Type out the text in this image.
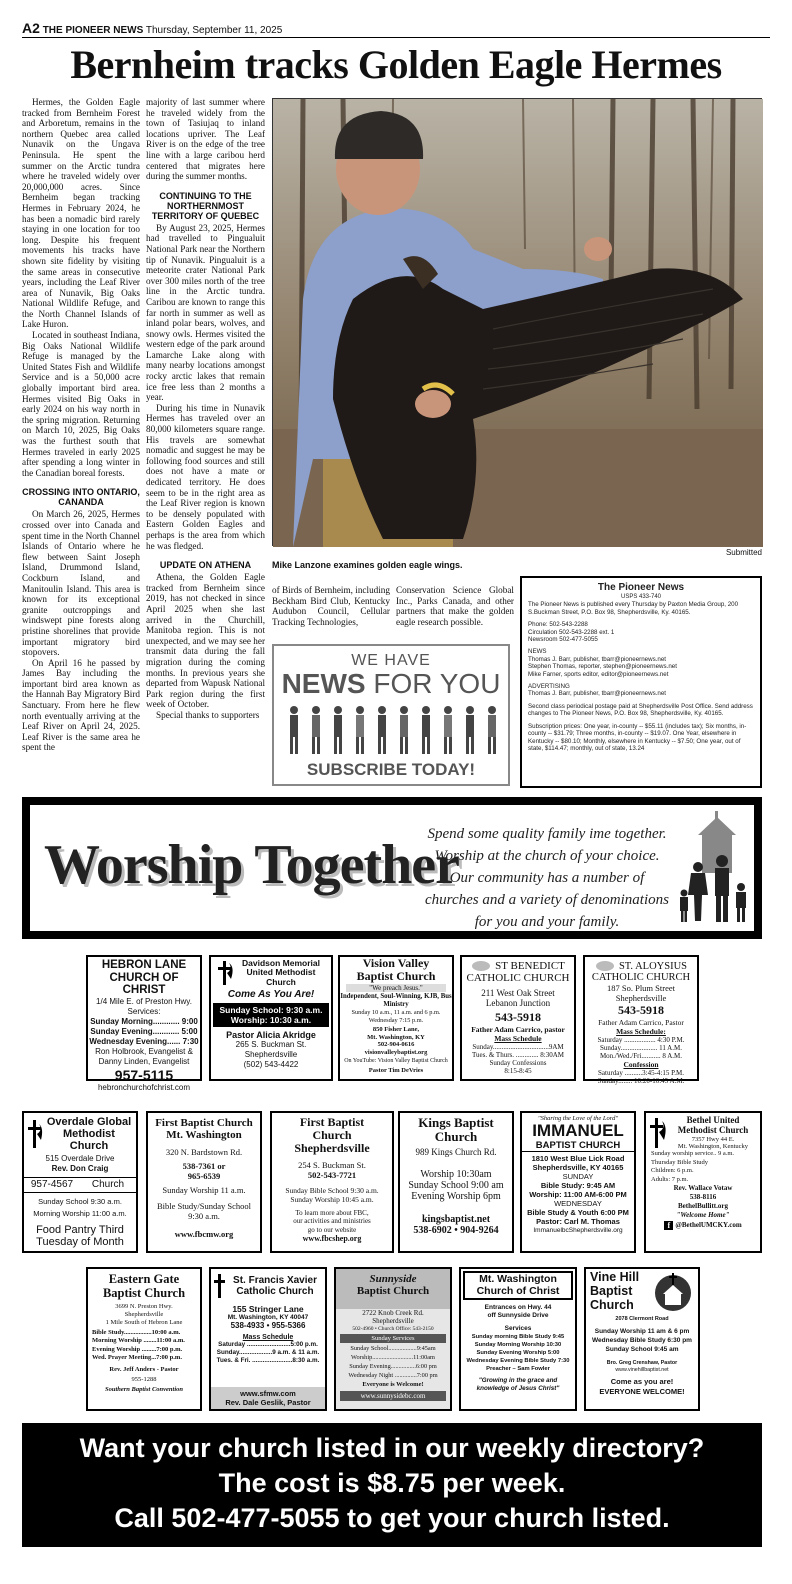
A2 THE PIONEER NEWS Thursday, September 11, 2025
Bernheim tracks Golden Eagle Hermes

Hermes, the Golden Eagle tracked from Bernheim Forest and Arboretum, remains in the northern Quebec area called Nunavik on the Ungava Peninsula. He spent the summer on the Arctic tundra where he traveled widely over 20,000,000 acres. Since Bernheim began tracking Hermes in February 2024, he has been a nomadic bird rarely staying in one location for too long. Despite his frequent movements his tracks have shown site fidelity by visiting the same areas in consecutive years, including the Leaf River area of Nunavik, Big Oaks National Wildlife Refuge, and the North Channel Islands of Lake Huron.

Located in southeast Indiana, Big Oaks National Wildlife Refuge is managed by the United States Fish and Wildlife Service and is a 50,000 acre globally important bird area. Hermes visited Big Oaks in early 2024 on his way north in the spring migration. Returning on March 10, 2025, Big Oaks was the furthest south that Hermes traveled in early 2025 after spending a long winter in the Canadian boreal forests.

CROSSING INTO ONTARIO, CANANDA

On March 26, 2025, Hermes crossed over into Canada and spent time in the North Channel Islands of Ontario where he flew between Saint Joseph Island, Drummond Island, Cockburn Island, and Manitoulin Island. This area is known for its exceptional granite outcroppings and windswept pine forests along pristine shorelines that provide important migratory bird stopovers.

On April 16 he passed by James Bay including the important bird area known as the Hannah Bay Migratory Bird Sanctuary. From here he flew north eventually arriving at the Leaf River on April 24, 2025. Leaf River is the same area he spent the

majority of last summer where he traveled widely from the town of Tasiujaq to inland locations upriver. The Leaf River is on the edge of the tree line with a large caribou herd centered that migrates here during the summer months.

CONTINUING TO THE NORTHERNMOST TERRITORY OF QUEBEC

By August 23, 2025, Hermes had travelled to Pingualuit National Park near the Northern tip of Nunavik. Pingualuit is a meteorite crater National Park over 300 miles north of the tree line in the Arctic tundra. Caribou are known to range this far north in summer as well as inland polar bears, wolves, and snowy owls. Hermes visited the western edge of the park around Lamarche Lake along with many nearby locations amongst rocky arctic lakes that remain ice free less than 2 months a year.

During his time in Nunavik Hermes has traveled over an 80,000 kilometers square range. His travels are somewhat nomadic and suggest he may be following food sources and still does not have a mate or dedicated territory. He does seem to be in the right area as the Leaf River region is known to be densely populated with Eastern Golden Eagles and perhaps is the area from which he was fledged.

UPDATE ON ATHENA

Athena, the Golden Eagle tracked from Bernheim since 2019, has not checked in since April 2025 when she last arrived in the Churchill, Manitoba region. This is not unexpected, and we may see her transmit data during the fall migration during the coming months. In previous years she departed from Wapusk National Park region during the first week of October.

Special thanks to supporters

Submitted
Mike Lanzone examines golden eagle wings.

of Birds of Bernheim, including Beckham Bird Club, Kentucky Audubon Council, Cellular Tracking Technologies,

Conservation Science Global Inc., Parks Canada, and other partners that make the golden eagle research possible.

WE HAVE
NEWS FOR YOU
SUBSCRIBE TODAY!
The Pioneer News
USPS 433-740
The Pioneer News is published every Thursday by Paxton Media Group, 200 S.Buckman Street, P.O. Box 98, Shepherdsville, Ky. 40165.

Phone: 502-543-2288

Circulation 502-543-2288 ext. 1
Newsroom 502-477-5055

NEWS

Thomas J. Barr, publisher, tbarr@pioneernews.net
Stephen Thomas, reporter, stephen@pioneernews.net
Mike Farner, sports editor, editor@pioneernews.net

ADVERTISING

Thomas J. Barr, publisher, tbarr@pioneernews.net

Second class periodical postage paid at Shepherdsville Post Office. Send address changes to The Pioneer News, P.O. Box 98, Shepherdsville, Ky. 40165.

Subscription prices: One year, in-county -- $55.11 (includes tax); Six months, in-county -- $31.79; Three months, in-county -- $19.07. One Year, elsewhere in Kentucky -- $80.10; Monthly, elsewhere in Kentucky -- $7.50; One year, out of state, $114.47; monthly, out of state, 13.24

Worship Together
Spend some quality family ime together. Worship at the church of your choice. Our community has a number of churches and a variety of denominations for you and your family.
HEBRON LANE
CHURCH OF CHRIST
1/4 Mile E. of Preston Hwy.
Services:
Sunday Morning............ 9:00
Sunday Evening............ 5:00
Wednesday Evening...... 7:30
Ron Holbrook, Evangelist &
Danny Linden, Evangelist
957-5115
hebronchurchofchrist.com
Davidson Memorial United Methodist Church
Come As You Are!
Sunday School: 9:30 a.m.
Worship: 10:30 a.m.
Pastor Alicia Akridge
265 S. Buckman St.
Shepherdsville
(502) 543-4422
Vision Valley
Baptist Church
"We preach Jesus."
Independent, Soul-Winning, KJB, Bus Ministry
Sunday 10 a.m., 11 a.m. and 6 p.m. Wednesday 7:15 p.m.
850 Fisher Lane,
Mt. Washington, KY
502-904-0616
visionvalleybaptist.org
On YouTube: Vision Valley Baptist Church
Pastor Tim DeVries
ST BENEDICT
CATHOLIC CHURCH
211 West Oak Street
Lebanon Junction
543-5918
Father Adam Carrico, pastor
Mass Schedule
Sunday................................9AM
Tues. & Thurs. ............. 8:30AM
Sunday Confessions
8:15-8:45
ST. ALOYSIUS
CATHOLIC CHURCH
187 So. Plum Street
Shepherdsville
543-5918
Father Adam Carrico, Pastor
Mass Schedule:
Saturday .................. 4:30 P.M.
Sunday..................... 11 A.M.
Mon./Wed./Fri........... 8 A.M.
Confession
Saturday ..........3:45-4:15 P.M.
Sunday........ 10:20-10:45 A.M.
Overdale Global
Methodist Church
515 Overdale Drive
Rev. Don Craig
957-4567	Church
Sunday School 9:30 a.m.
Morning Worship 11:00 a.m.
Food Pantry Third
Tuesday of Month
First Baptist Church
Mt. Washington
320 N. Bardstown Rd.
538-7361 or
965-6539
Sunday Worship 11 a.m.
Bible Study/Sunday School
9:30 a.m.
www.fbcmw.org
First Baptist
Church
Shepherdsville
254 S. Buckman St.
502-543-7721
Sunday Bible School 9:30 a.m.
Sunday Worship 10:45 a.m.
To learn more about FBC,
our activities and ministries
go to our website
www.fbcshep.org
Kings Baptist
Church
989 Kings Church Rd.
Worship 10:30am
Sunday School 9:00 am
Evening Worship 6pm
kingsbaptist.net
538-6902 • 904-9264
"Sharing the Love of the Lord"
IMMANUEL
BAPTIST CHURCH
1810 West Blue Lick Road
Shepherdsville, KY 40165
SUNDAY
Bible Study: 9:45 AM
Worship: 11:00 AM-6:00 PM
WEDNESDAY
Bible Study & Youth 6:00 PM
Pastor: Carl M. Thomas
ImmanuelbcShepherdsville.org
Bethel United
Methodist Church
7357 Hwy 44 E.
Mt. Washington, Kentucky
Sunday worship service.. 9 a.m.
Thursday Bible Study
Children: 6 p.m.
Adults: 7 p.m.
Rev. Wallace Votaw
538-8116
BethelBullitt.org
"Welcome Home"
f @BethelUMCKY.com
Eastern Gate
Baptist Church
3699 N. Preston Hwy.
Shepherdsville
1 Mile South of Hebron Lane
Bible Study.................10:00 a.m.
Morning Worship ........11:00 a.m.
Evening Worship .........7:00 p.m.
Wed. Prayer Meeting...7:00 p.m.
Rev. Jeff Anders - Pastor
955-1288
Southern Baptist Convention
St. Francis Xavier
Catholic Church
155 Stringer Lane
Mt. Washington, KY 40047
538-4933 • 955-5366
Mass Schedule
Saturday .........................5:00 p.m.
Sunday...................9 a.m. & 11 a.m.
Tues. & Fri. .......................8:30 a.m.
www.sfmw.com
Rev. Dale Geslik, Pastor
Sunnyside
Baptist Church
2722 Knob Creek Rd.
Shepherdsville
502-4960 • Church Office: 543-2150
Sunday Services
Sunday School..................9:45am
Worship..........................11:00am
Sunday Evening................6:00 pm
Wednesday Night ..............7:00 pm
Everyone is Welcome!
www.sunnysidebc.com
Mt. Washington
Church of Christ
Entrances on Hwy. 44
off Sunnyside Drive
Services
Sunday morning Bible Study 9:45
Sunday Morning Worship 10:30
Sunday Evening Worship 5:00
Wednesday Evening Bible Study 7:30
Preacher – Sam Fowler
"Growing in the grace and knowledge of Jesus Christ"
Vine Hill
Baptist
Church
2078 Clermont Road
Sunday Worship 11 am & 6 pm
Wednesday Bible Study 6:30 pm
Sunday School 9:45 am
Bro. Greg Crenshaw, Pastor
www.vinehillbaptist.net
Come as you are!
EVERYONE WELCOME!
Want your church listed in our weekly directory?
The cost is $8.75 per week.
Call 502-477-5055 to get your church listed.
